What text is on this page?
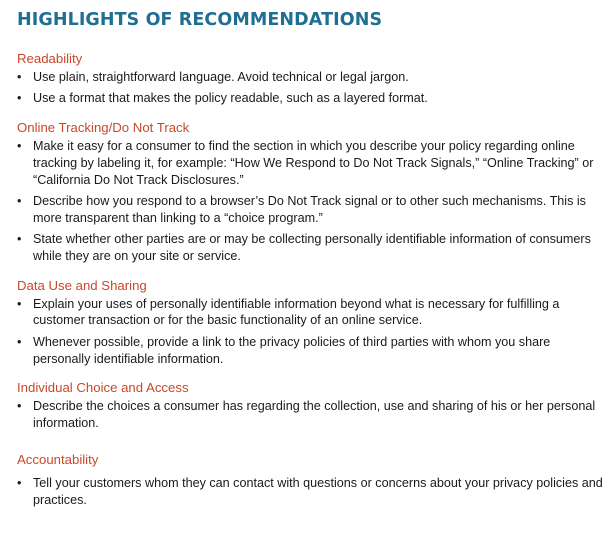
HIGHLIGHTS OF RECOMMENDATIONS
Readability
• Use plain, straightforward language. Avoid technical or legal jargon.
• Use a format that makes the policy readable, such as a layered format.
Online Tracking/Do Not Track
• Make it easy for a consumer to find the section in which you describe your policy regarding online tracking by labeling it, for example: “How We Respond to Do Not Track Signals,” “Online Tracking” or “California Do Not Track Disclosures.”
• Describe how you respond to a browser’s Do Not Track signal or to other such mechanisms. This is more transparent than linking to a “choice program.”
• State whether other parties are or may be collecting personally identifiable information of consumers while they are on your site or service.
Data Use and Sharing
• Explain your uses of personally identifiable information beyond what is necessary for fulfilling a customer transaction or for the basic functionality of an online service.
• Whenever possible, provide a link to the privacy policies of third parties with whom you share personally identifiable information.
Individual Choice and Access
• Describe the choices a consumer has regarding the collection, use and sharing of his or her personal information.
Accountability
• Tell your customers whom they can contact with questions or concerns about your privacy policies and practices.
